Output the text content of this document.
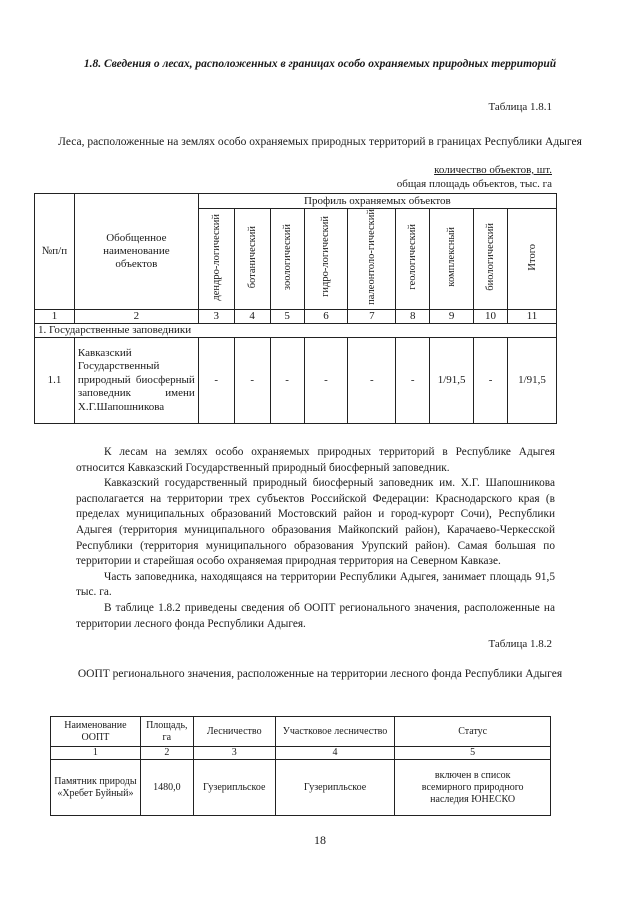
1.8. Сведения о лесах, расположенных в границах особо охраняемых природных территорий
Таблица 1.8.1
Леса, расположенные на землях особо охраняемых природных территорий в границах Республики Адыгея
количество объектов, шт.
общая площадь объектов, тыс. га
№п/п	Обобщенное наименование объектов	Профиль охраняемых объектов								
		дендро-логический	ботанический	зоологический	гидро-логический	палеонтоло-гический	геологический	комплексный	биологический	Итого
1	2	3	4	5	6	7	8	9	10	11
1. Государственные заповедники										
1.1	Кавказский Государственный природный биосферный заповедник имени Х.Г.Шапошникова	-	-	-	-	-	-	1/91,5	-	1/91,5

К лесам на землях особо охраняемых природных территорий в Республике Адыгея относится Кавказский Государственный природный биосферный заповедник.

Кавказский государственный природный биосферный заповедник им. Х.Г. Шапошникова располагается на территории трех субъектов Российской Федерации: Краснодарского края (в пределах муниципальных образований Мостовский район и город-курорт Сочи), Республики Адыгея (территория муниципального образования Майкопский район), Карачаево-Черкесской Республики (территория муниципального образования Урупский район). Самая большая по территории и старейшая особо охраняемая природная территория на Северном Кавказе.

Часть заповедника, находящаяся на территории Республики Адыгея, занимает площадь 91,5 тыс. га.

В таблице 1.8.2 приведены сведения об ООПТ регионального значения, расположенные на территории лесного фонда Республики Адыгея.

Таблица 1.8.2
ООПТ регионального значения, расположенные на территории лесного фонда Республики Адыгея
Наименование ООПТ	Площадь, га	Лесничество	Участковое лесничество	Статус
1	2	3	4	5
Памятник природы «Хребет Буйный»	1480,0	Гузерипльское	Гузерипльское	включен в список всемирного природного наследия ЮНЕСКО
18
